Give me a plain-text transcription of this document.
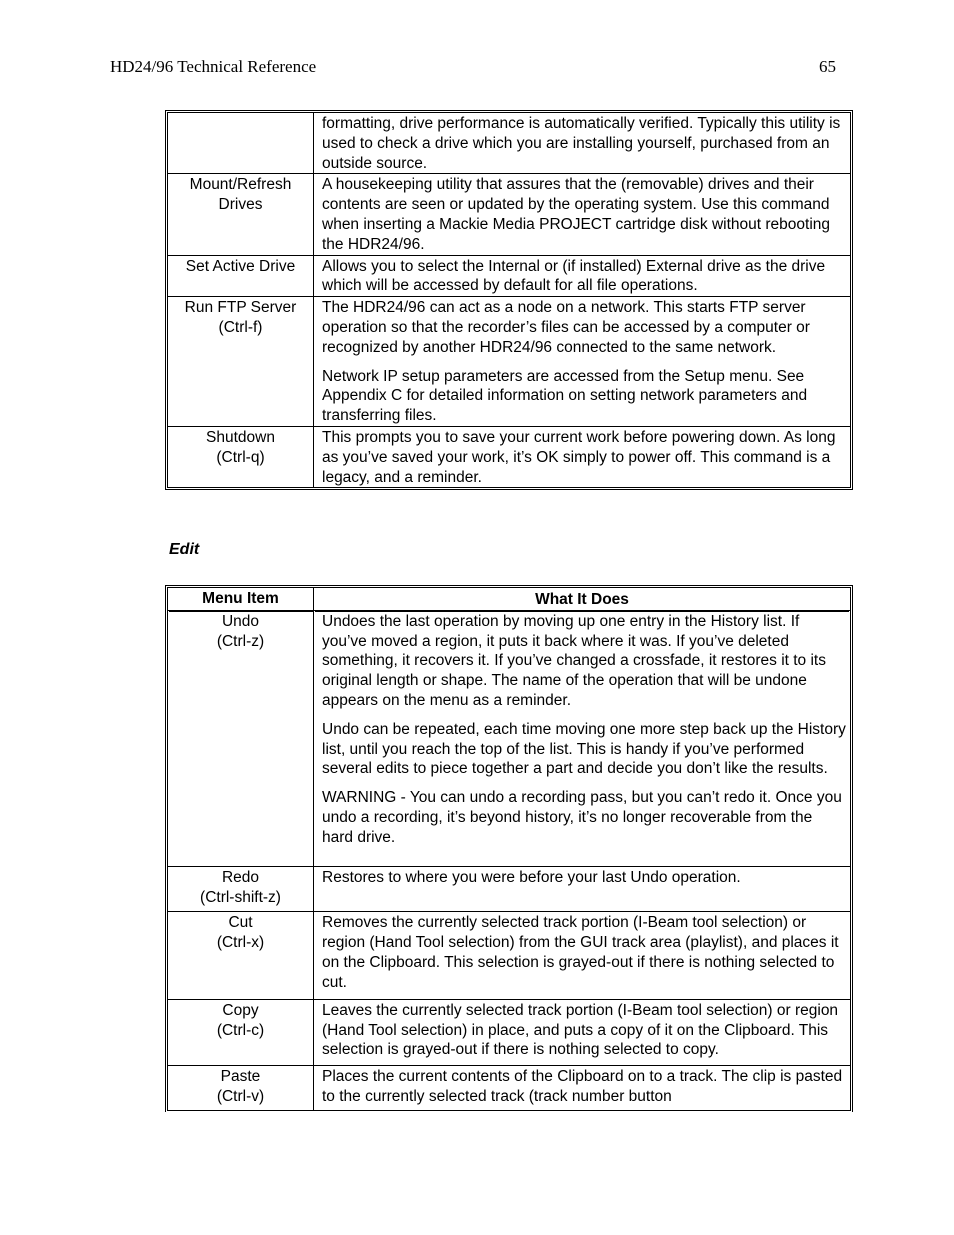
HD24/96 Technical Reference	65

	formatting, drive performance is automatically verified. Typically this utility is used to check a drive which you are installing yourself, purchased from an outside source.

Mount/Refresh
Drives	A housekeeping utility that assures that the (removable) drives and their contents are seen or updated by the operating system. Use this command when inserting a Mackie Media PROJECT cartridge disk without rebooting the HDR24/96.

Set Active Drive	Allows you to select the Internal or (if installed) External drive as the drive which will be accessed by default for all file operations.

Run FTP Server
(Ctrl-f)	The HDR24/96 can act as a node on a network. This starts FTP server operation so that the recorder’s files can be accessed by a computer or recognized by another HDR24/96 connected to the same network.
Network IP setup parameters are accessed from the Setup menu. See Appendix C for detailed information on setting network parameters and transferring files.

Shutdown
(Ctrl-q)	This prompts you to save your current work before powering down. As long as you’ve saved your work, it’s OK simply to power off. This command is a legacy, and a reminder.
Edit
Menu Item	What It Does

Undo
(Ctrl-z)	Undoes the last operation by moving up one entry in the History list. If you’ve moved a region, it puts it back where it was. If you’ve deleted something, it recovers it. If you’ve changed a crossfade, it restores it to its original length or shape. The name of the operation that will be undone appears on the menu as a reminder.
Undo can be repeated, each time moving one more step back up the History list, until you reach the top of the list. This is handy if you’ve performed several edits to piece together a part and decide you don’t like the results.
WARNING - You can undo a recording pass, but you can’t redo it. Once you undo a recording, it’s beyond history, it’s no longer recoverable from the hard drive.

Redo
(Ctrl-shift-z)	Restores to where you were before your last Undo operation.

Cut
(Ctrl-x)	Removes the currently selected track portion (I-Beam tool selection) or region (Hand Tool selection) from the GUI track area (playlist), and places it on the Clipboard. This selection is grayed-out if there is nothing selected to cut.

Copy
(Ctrl-c)	Leaves the currently selected track portion (I-Beam tool selection) or region (Hand Tool selection) in place, and puts a copy of it on the Clipboard. This selection is grayed-out if there is nothing selected to copy.

Paste
(Ctrl-v)	Places the current contents of the Clipboard on to a track. The clip is pasted to the currently selected track (track number button
